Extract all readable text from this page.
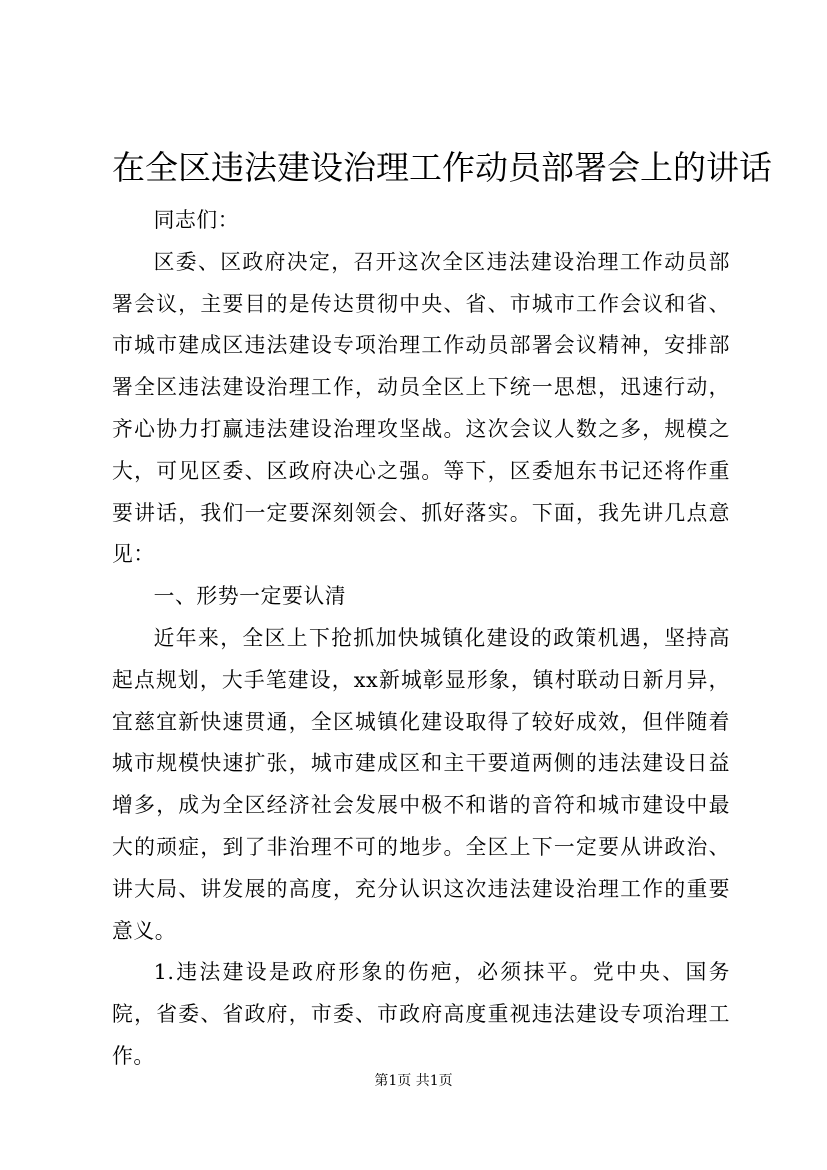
在全区违法建设治理工作动员部署会上的讲话

同志们：

区委、区政府决定，召开这次全区违法建设治理工作动员部署会议，主要目的是传达贯彻中央、省、市城市工作会议和省、市城市建成区违法建设专项治理工作动员部署会议精神，安排部署全区违法建设治理工作，动员全区上下统一思想，迅速行动，齐心协力打赢违法建设治理攻坚战。这次会议人数之多，规模之大，可见区委、区政府决心之强。等下，区委旭东书记还将作重要讲话，我们一定要深刻领会、抓好落实。下面，我先讲几点意见：

一、形势一定要认清

近年来，全区上下抢抓加快城镇化建设的政策机遇，坚持高起点规划，大手笔建设，xx新城彰显形象，镇村联动日新月异，宜慈宜新快速贯通，全区城镇化建设取得了较好成效，但伴随着城市规模快速扩张，城市建成区和主干要道两侧的违法建设日益增多，成为全区经济社会发展中极不和谐的音符和城市建设中最大的顽症，到了非治理不可的地步。全区上下一定要从讲政治、讲大局、讲发展的高度，充分认识这次违法建设治理工作的重要意义。

1.违法建设是政府形象的伤疤，必须抹平。党中央、国务院，省委、省政府，市委、市政府高度重视违法建设专项治理工作。

第1页 共1页
